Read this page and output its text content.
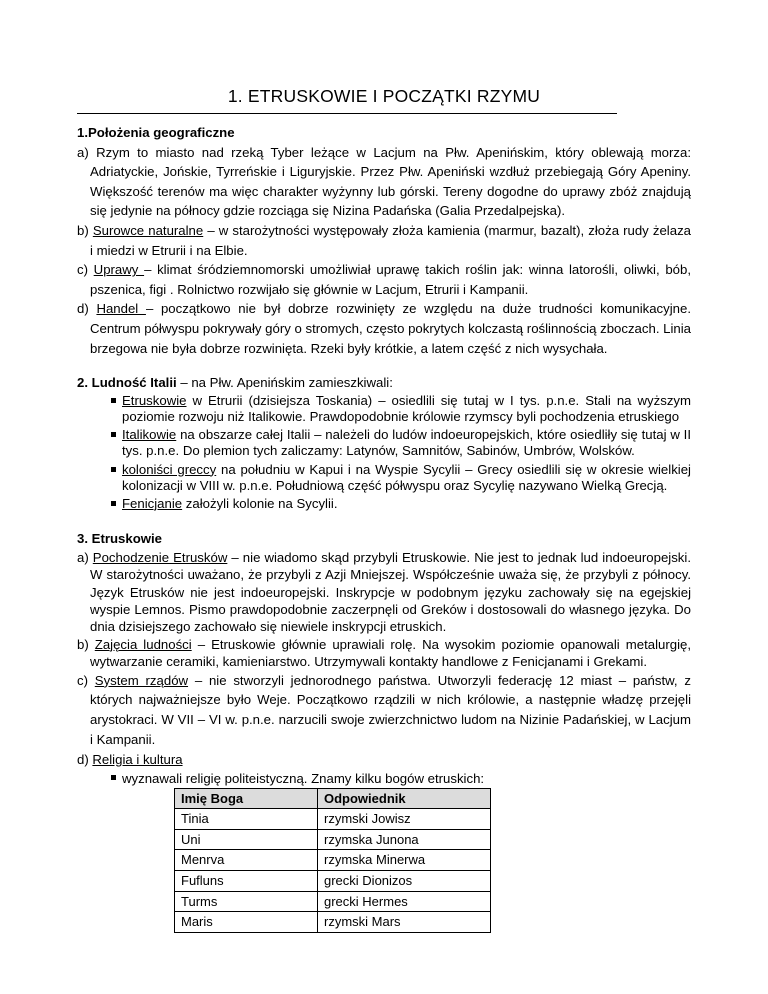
1. ETRUSKOWIE I POCZĄTKI RZYMU

1.Położenia geograficzne

a) Rzym to miasto nad rzeką Tyber leżące w Lacjum na Płw. Apenińskim, który oblewają morza: Adriatyckie, Jońskie, Tyrreńskie i Liguryjskie. Przez Płw. Apeniński wzdłuż przebiegają Góry Apeniny. Większość terenów ma więc charakter wyżynny lub górski. Tereny dogodne do uprawy zbóż znajdują się jedynie na północy gdzie rozciąga się Nizina Padańska (Galia Przedalpejska).

b) Surowce naturalne – w starożytności występowały złoża kamienia (marmur, bazalt), złoża rudy żelaza i miedzi w Etrurii i na Elbie.

c) Uprawy – klimat śródziemnomorski umożliwiał uprawę takich roślin jak: winna latorośli, oliwki, bób, pszenica, figi . Rolnictwo rozwijało się głównie w Lacjum, Etrurii i Kampanii.

d) Handel – początkowo nie był dobrze rozwinięty ze względu na duże trudności komunikacyjne. Centrum półwyspu pokrywały góry o stromych, często pokrytych kolczastą roślinnością zboczach. Linia brzegowa nie była dobrze rozwinięta. Rzeki były krótkie, a latem część z nich wysychała.

2. Ludność Italii – na Płw. Apenińskim zamieszkiwali:

Etruskowie w Etrurii (dzisiejsza Toskania) – osiedlili się tutaj w I tys. p.n.e. Stali na wyższym poziomie rozwoju niż Italikowie. Prawdopodobnie królowie rzymscy byli pochodzenia etruskiego
Italikowie na obszarze całej Italii – należeli do ludów indoeuropejskich, które osiedliły się tutaj w II tys. p.n.e. Do plemion tych zaliczamy: Latynów, Samnitów, Sabinów, Umbrów, Wolsków.
koloniści greccy na południu w Kapui i na Wyspie Sycylii – Grecy osiedlili się w okresie wielkiej kolonizacji w VIII w. p.n.e. Południową część półwyspu oraz Sycylię nazywano Wielką Grecją.
Fenicjanie założyli kolonie na Sycylii.

3. Etruskowie

a) Pochodzenie Etrusków – nie wiadomo skąd przybyli Etruskowie. Nie jest to jednak lud indoeuropejski. W starożytności uważano, że przybyli z Azji Mniejszej. Współcześnie uważa się, że przybyli z północy. Język Etrusków nie jest indoeuropejski. Inskrypcje w podobnym języku zachowały się na egejskiej wyspie Lemnos. Pismo prawdopodobnie zaczerpnęli od Greków i dostosowali do własnego języka. Do dnia dzisiejszego zachowało się niewiele inskrypcji etruskich.

b) Zajęcia ludności – Etruskowie głównie uprawiali rolę. Na wysokim poziomie opanowali metalurgię, wytwarzanie ceramiki, kamieniarstwo. Utrzymywali kontakty handlowe z Fenicjanami i Grekami.

c) System rządów – nie stworzyli jednorodnego państwa. Utworzyli federację 12 miast – państw, z których najważniejsze było Weje. Początkowo rządzili w nich królowie, a następnie władzę przejęli arystokraci. W VII – VI w. p.n.e. narzucili swoje zwierzchnictwo ludom na Nizinie Padańskiej, w Lacjum i Kampanii.

d) Religia i kultura

wyznawali religię politeistyczną. Znamy kilku bogów etruskich:
Imię Boga	Odpowiednik
Tinia	rzymski Jowisz
Uni	rzymska Junona
Menrva	rzymska Minerwa
Fufluns	grecki Dionizos
Turms	grecki Hermes
Maris	rzymski Mars
